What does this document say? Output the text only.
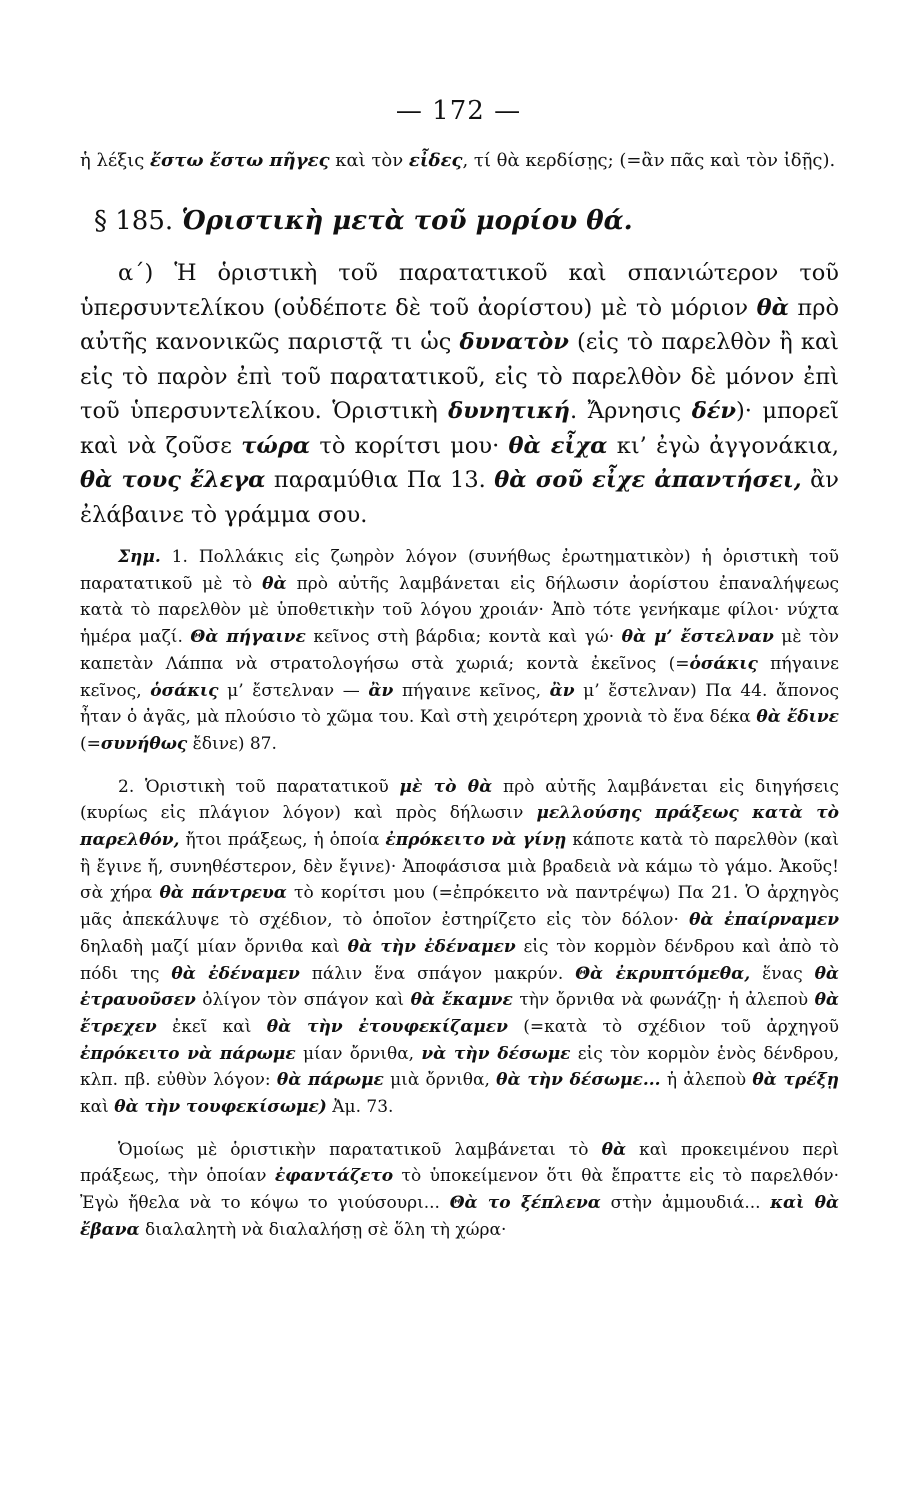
— 172 —

ἡ λέξις ἔστω ἔστω πῆγες καὶ τὸν εἶδες, τί θὰ κερδίσῃς; (=ἂν πᾶς καὶ τὸν ἰδῇς).

§ 185. Ὁριστικὴ μετὰ τοῦ μορίου θά.

α΄) Ἡ ὁριστικὴ τοῦ παρατατικοῦ καὶ σπανιώτερον τοῦ ὑπερσυντελίκου (οὐδέποτε δὲ τοῦ ἀορίστου) μὲ τὸ μόριον θὰ πρὸ αὐτῆς κανονικῶς παριστᾷ τι ὡς δυνατὸν (εἰς τὸ παρελθὸν ἢ καὶ εἰς τὸ παρὸν ἐπὶ τοῦ παρατατικοῦ, εἰς τὸ παρελθὸν δὲ μόνον ἐπὶ τοῦ ὑπερσυντελίκου. Ὁριστικὴ δυνητική. Ἄρνησις δέν)· μπορεῖ καὶ νὰ ζοῦσε τώρα τὸ κορίτσι μου· θὰ εἶχα κι’ ἐγὼ ἀγγονάκια, θὰ τους ἔλεγα παραμύθια Πα 13. θὰ σοῦ εἶχε ἀπαντήσει, ἂν ἐλάβαινε τὸ γράμμα σου.

Σημ. 1. Πολλάκις εἰς ζωηρὸν λόγον (συνήθως ἐρωτηματικὸν) ἡ ὁριστικὴ τοῦ παρατατικοῦ μὲ τὸ θὰ πρὸ αὐτῆς λαμβάνεται εἰς δήλωσιν ἀορίστου ἐπαναλήψεως κατὰ τὸ παρελθὸν μὲ ὑποθετικὴν τοῦ λόγου χροιάν· Ἀπὸ τότε γενήκαμε φίλοι· νύχτα ἡμέρα μαζί. Θὰ πήγαινε κεῖνος στὴ βάρδια; κοντὰ καὶ γώ· θὰ μ’ ἔστελναν μὲ τὸν καπετὰν Λάππα νὰ στρατολογήσω στὰ χωριά; κοντὰ ἐκεῖνος (=ὁσάκις πήγαινε κεῖνος, ὁσάκις μ’ ἔστελναν — ἂν πήγαινε κεῖνος, ἂν μ’ ἔστελναν) Πα 44. ἄπονος ἦταν ὁ ἀγᾶς, μὰ πλούσιο τὸ χῶμα του. Καὶ στὴ χειρότερη χρονιὰ τὸ ἕνα δέκα θὰ ἔδινε (=συνήθως ἔδινε) 87.

2. Ὁριστικὴ τοῦ παρατατικοῦ μὲ τὸ θὰ πρὸ αὐτῆς λαμβάνεται εἰς διηγήσεις (κυρίως εἰς πλάγιον λόγον) καὶ πρὸς δήλωσιν μελλούσης πράξεως κατὰ τὸ παρελθόν, ἤτοι πράξεως, ἡ ὁποία ἐπρόκειτο νὰ γίνῃ κάποτε κατὰ τὸ παρελθὸν (καὶ ἢ ἔγινε ἤ, συνηθέστερον, δὲν ἔγινε)· Ἀποφάσισα μιὰ βραδειὰ νὰ κάμω τὸ γάμο. Ἀκοῦς! σὰ χήρα θὰ πάντρευα τὸ κορίτσι μου (=ἐπρόκειτο νὰ παντρέψω) Πα 21. Ὁ ἀρχηγὸς μᾶς ἀπεκάλυψε τὸ σχέδιον, τὸ ὁποῖον ἐστηρίζετο εἰς τὸν δόλον· θὰ ἐπαίρναμεν δηλαδὴ μαζί μίαν ὄρνιθα καὶ θὰ τὴν ἐδέναμεν εἰς τὸν κορμὸν δένδρου καὶ ἀπὸ τὸ πόδι της θὰ ἐδέναμεν πάλιν ἕνα σπάγον μακρύν. Θὰ ἐκρυπτόμεθα, ἕνας θὰ ἐτραυοῦσεν ὀλίγον τὸν σπάγον καὶ θὰ ἔκαμνε τὴν ὄρνιθα νὰ φωνάζῃ· ἡ ἀλεποὺ θὰ ἔτρεχεν ἐκεῖ καὶ θὰ τὴν ἐτουφεκίζαμεν (=κατὰ τὸ σχέδιον τοῦ ἀρχηγοῦ ἐπρόκειτο νὰ πάρωμε μίαν ὄρνιθα, νὰ τὴν δέσωμε εἰς τὸν κορμὸν ἑνὸς δένδρου, κλπ. πβ. εὐθὺν λόγον: θὰ πάρωμε μιὰ ὄρνιθα, θὰ τὴν δέσωμε... ἡ ἀλεποὺ θὰ τρέξῃ καὶ θὰ τὴν τουφεκίσωμε) Ἀμ. 73.

Ὁμοίως μὲ ὁριστικὴν παρατατικοῦ λαμβάνεται τὸ θὰ καὶ προκειμένου περὶ πράξεως, τὴν ὁποίαν ἐφαντάζετο τὸ ὑποκείμενον ὅτι θὰ ἔπραττε εἰς τὸ παρελθόν· Ἐγὼ ἤθελα νὰ το κόψω το γιούσουρι... Θὰ το ξέπλενα στὴν ἀμμουδιά... καὶ θὰ ἔβανα διαλαλητὴ νὰ διαλαλήσῃ σὲ ὅλη τὴ χώρα·
